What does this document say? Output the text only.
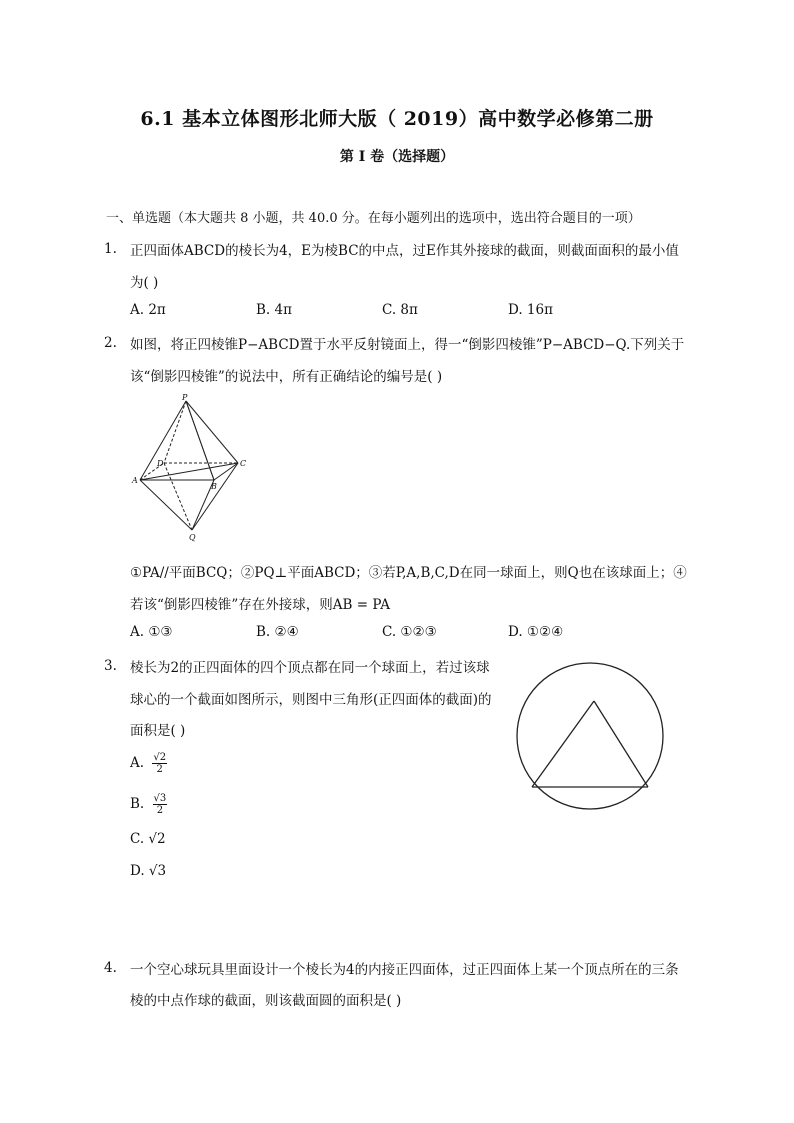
6.1 基本立体图形北师大版（ 2019）高中数学必修第二册
第 I 卷（选择题）
一、单选题（本大题共 8 小题，共 40.0 分。在每小题列出的选项中，选出符合题目的一项）
1. 正四面体ABCD的棱长为4，E为棱BC的中点，过E作其外接球的截面，则截面面积的最小值
为( )
A. 2π	B. 4π	C. 8π	D. 16π
2. 如图，将正四棱锥P−ABCD置于水平反射镜面上，得一“倒影四棱锥”P−ABCD−Q.下列关于
该“倒影四棱锥”的说法中，所有正确结论的编号是( )
P
D	C
A
B
Q
①PA//平面BCQ；②PQ⊥平面ABCD；③若P,A,B,C,D在同一球面上，则Q也在该球面上；④
若该“倒影四棱锥”存在外接球，则AB = PA
A. ①③	B. ②④	C. ①②③	D. ①②④
3. 棱长为2的正四面体的四个顶点都在同一个球面上，若过该球
球心的一个截面如图所示，则图中三角形(正四面体的截面)的
面积是( )
A. $\frac{√2}{2}$
B. $\frac{√3}{2}$
C. √2
D. √3
4. 一个空心球玩具里面设计一个棱长为4的内接正四面体，过正四面体上某一个顶点所在的三条
棱的中点作球的截面，则该截面圆的面积是( )
